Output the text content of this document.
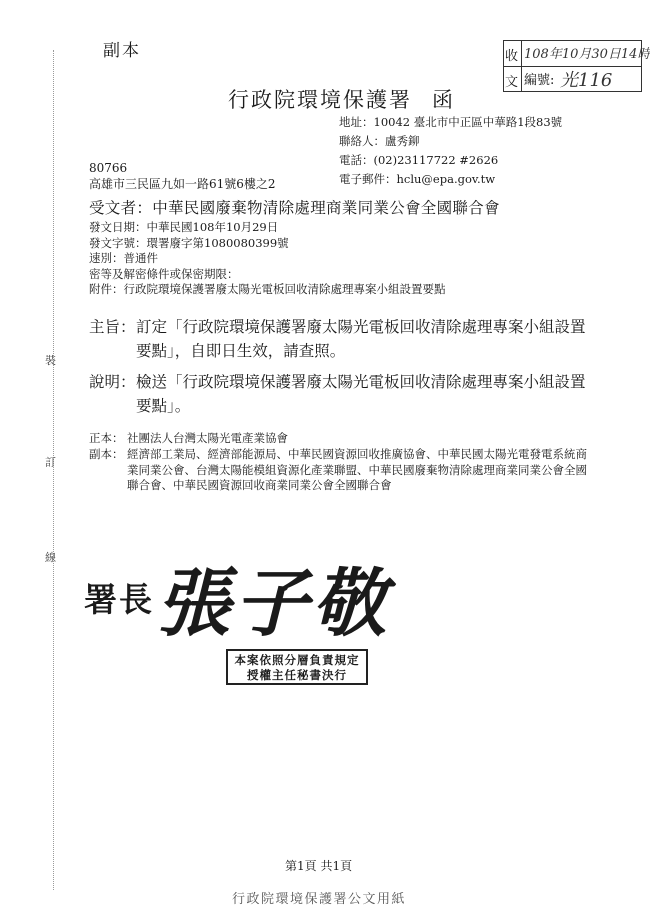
裝
訂
線
副本	收
文
108年10月30日14時
編號: 光116
行政院環境保護署 函
地址：10042 臺北市中正區中華路1段83號
聯絡人：盧秀鉚
電話：(02)23117722 #2626
電子郵件：hclu@epa.gov.tw
80766
高雄市三民區九如一路61號6樓之2
受文者：中華民國廢棄物清除處理商業同業公會全國聯合會
發文日期：中華民國108年10月29日
發文字號：環署廢字第1080080399號
速別：普通件
密等及解密條件或保密期限：
附件：行政院環境保護署廢太陽光電板回收清除處理專案小組設置要點
主旨： 訂定「行政院環境保護署廢太陽光電板回收清除處理專案小組設置要點」，自即日生效，請查照。
說明： 檢送「行政院環境保護署廢太陽光電板回收清除處理專案小組設置要點」。
正本： 社團法人台灣太陽光電產業協會
副本： 經濟部工業局、經濟部能源局、中華民國資源回收推廣協會、中華民國太陽光電發電系統商業同業公會、台灣太陽能模組資源化產業聯盟、中華民國廢棄物清除處理商業同業公會全國聯合會、中華民國資源回收商業同業公會全國聯合會
署長 張子敬
本案依照分層負責規定
授權主任秘書決行
第1頁 共1頁
行政院環境保護署公文用紙
